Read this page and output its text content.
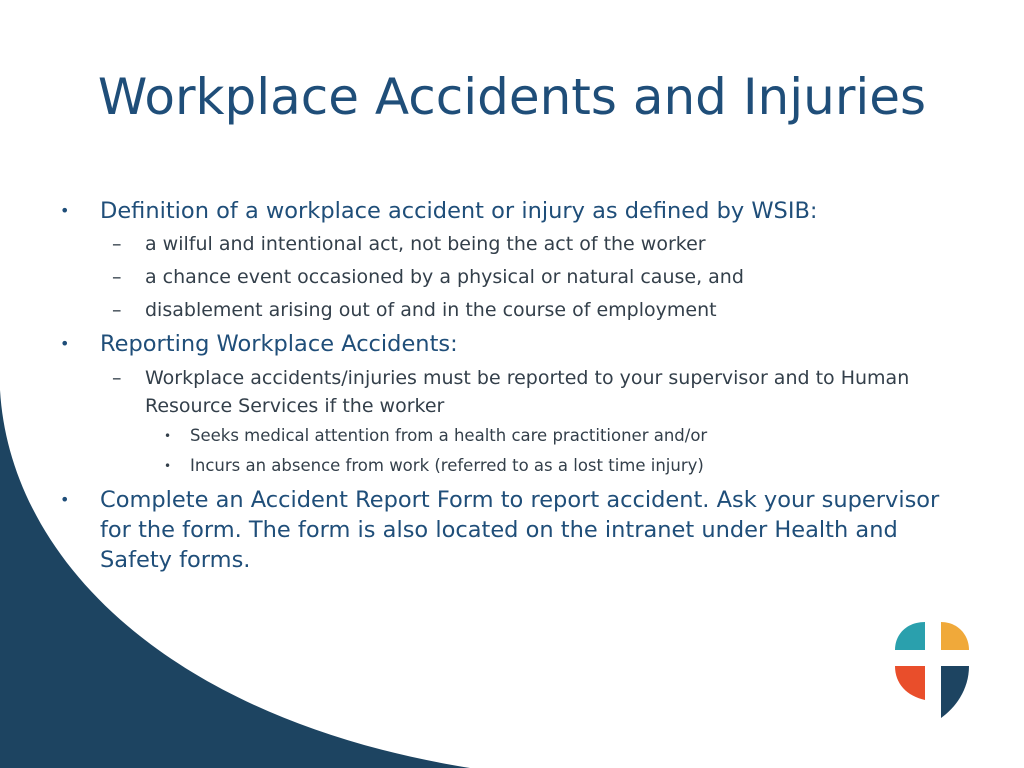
Workplace Accidents and Injuries
• Definition of a workplace accident or injury as defined by WSIB:
– a wilful and intentional act, not being the act of the worker
– a chance event occasioned by a physical or natural cause, and
– disablement arising out of and in the course of employment
• Reporting Workplace Accidents:
– Workplace accidents/injuries must be reported to your supervisor and to Human Resource Services if the worker
• Seeks medical attention from a health care practitioner and/or
• Incurs an absence from work (referred to as a lost time injury)
• Complete an Accident Report Form to report accident. Ask your supervisor for the form. The form is also located on the intranet under Health and Safety forms.
